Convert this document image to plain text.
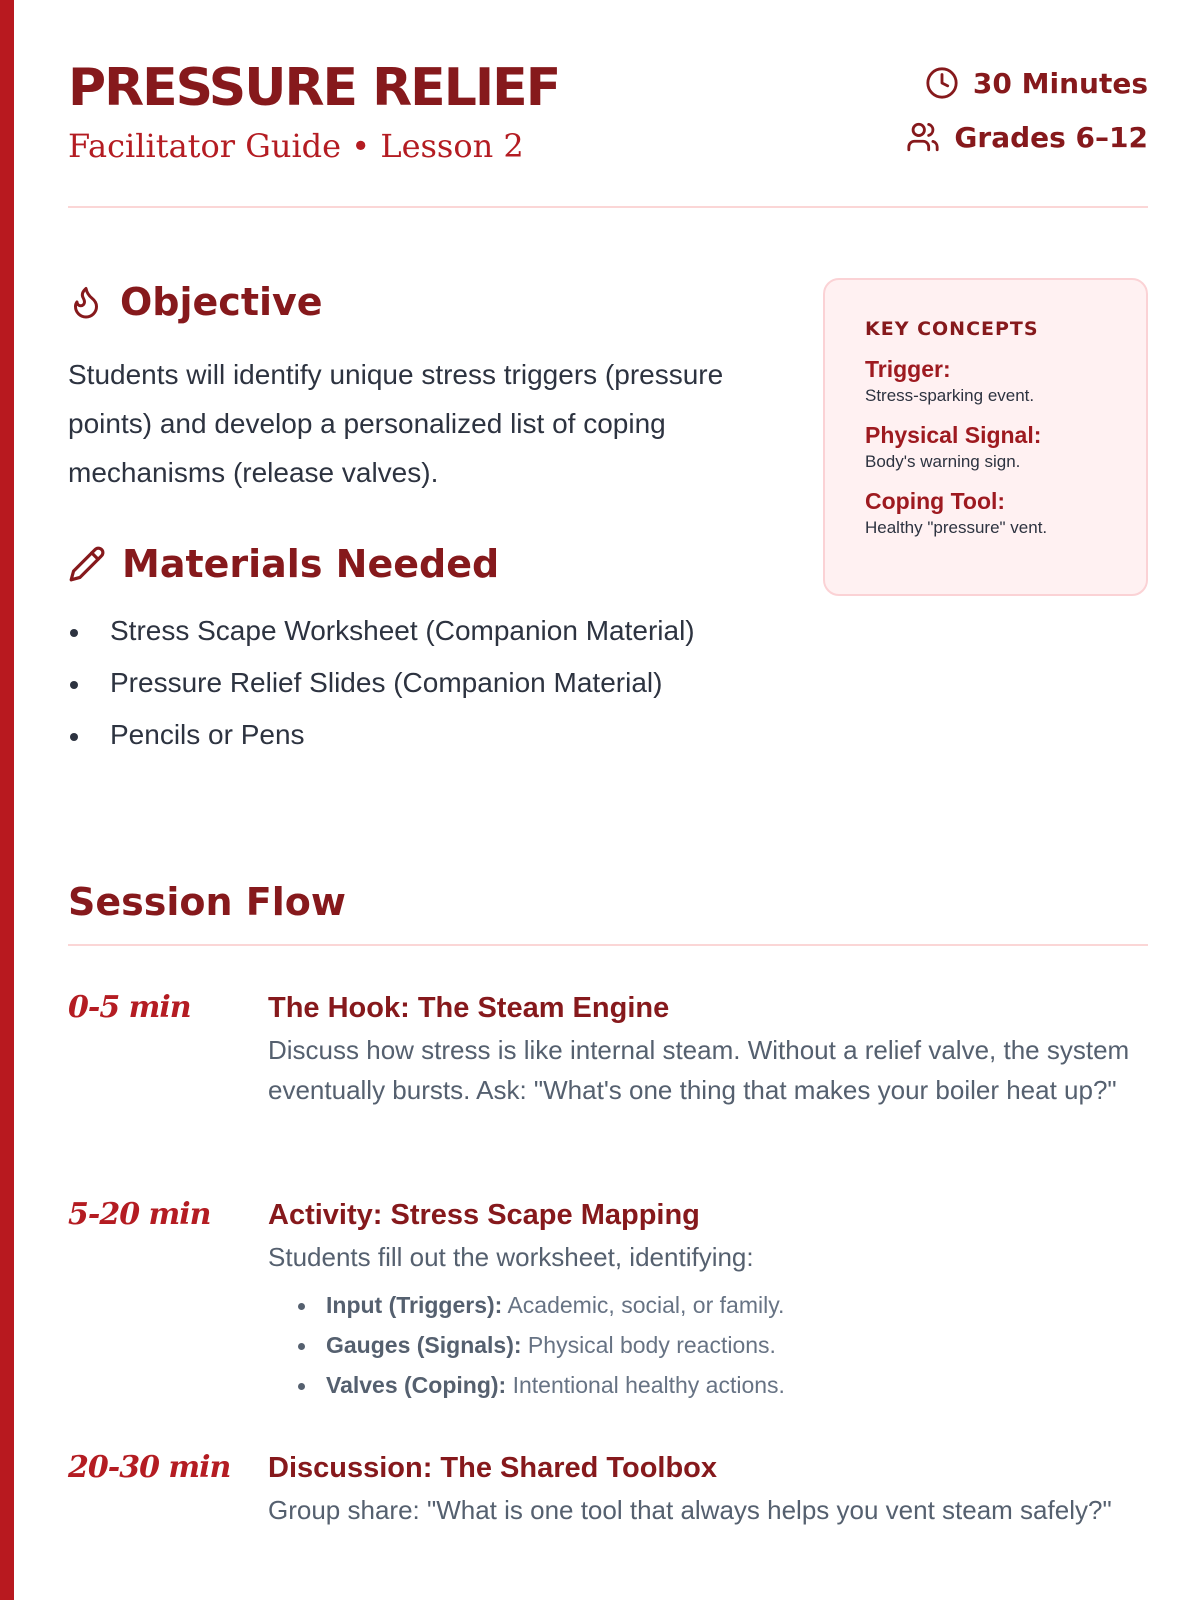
PRESSURE RELIEF
Facilitator Guide • Lesson 2
30 Minutes
Grades 6–12
Objective

Students will identify unique stress triggers (pressure points) and develop a personalized list of coping mechanisms (release valves).

Materials Needed
Stress Scape Worksheet (Companion Material)
Pressure Relief Slides (Companion Material)
Pencils or Pens
KEY CONCEPTS
Trigger:
Stress-sparking event.
Physical Signal:
Body's warning sign.
Coping Tool:
Healthy "pressure" vent.
Session Flow
0-5 min	The Hook: The Steam Engine
Discuss how stress is like internal steam. Without a relief valve, the system eventually bursts. Ask: "What's one thing that makes your boiler heat up?"
5-20 min Activity: Stress Scape Mapping
Students fill out the worksheet, identifying:
Input (Triggers): Academic, social, or family.
Gauges (Signals): Physical body reactions.
Valves (Coping): Intentional healthy actions.
20-30 min Discussion: The Shared Toolbox
Group share: "What is one tool that always helps you vent steam safely?"
